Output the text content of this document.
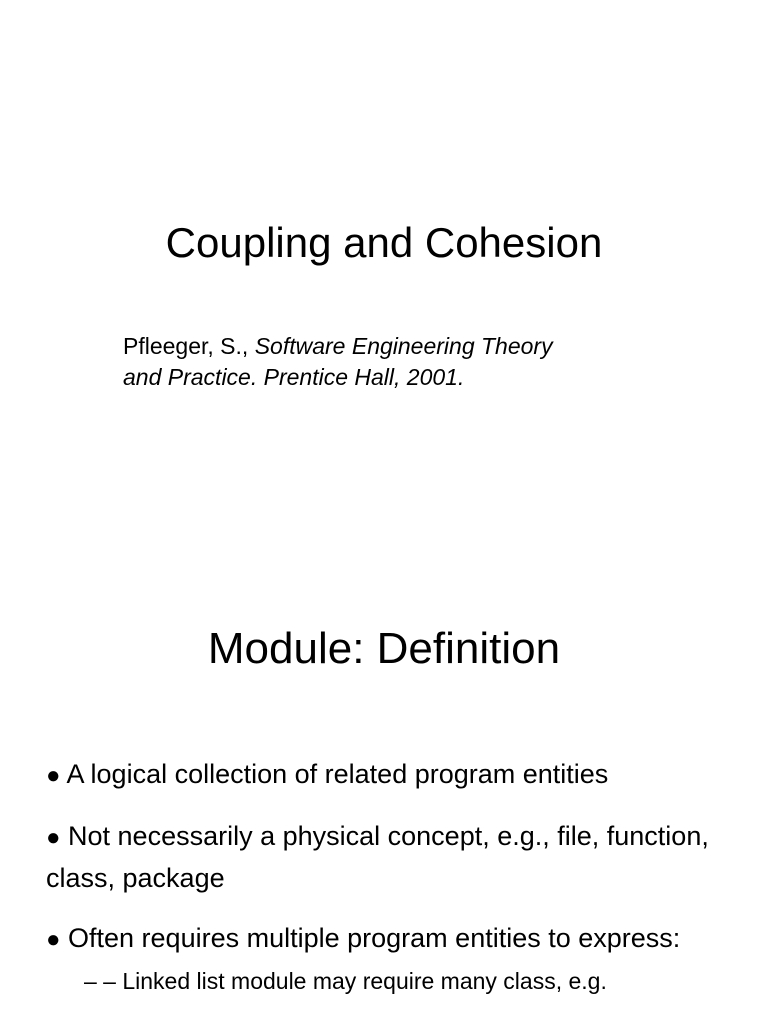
Coupling and Cohesion
Pfleeger, S., Software Engineering Theory
and Practice. Prentice Hall, 2001.
Module: Definition
● A logical collection of related program entities
● Not necessarily a physical concept, e.g., file, function, class, package
● Often requires multiple program entities to express:
– – Linked list module may require many class, e.g.
